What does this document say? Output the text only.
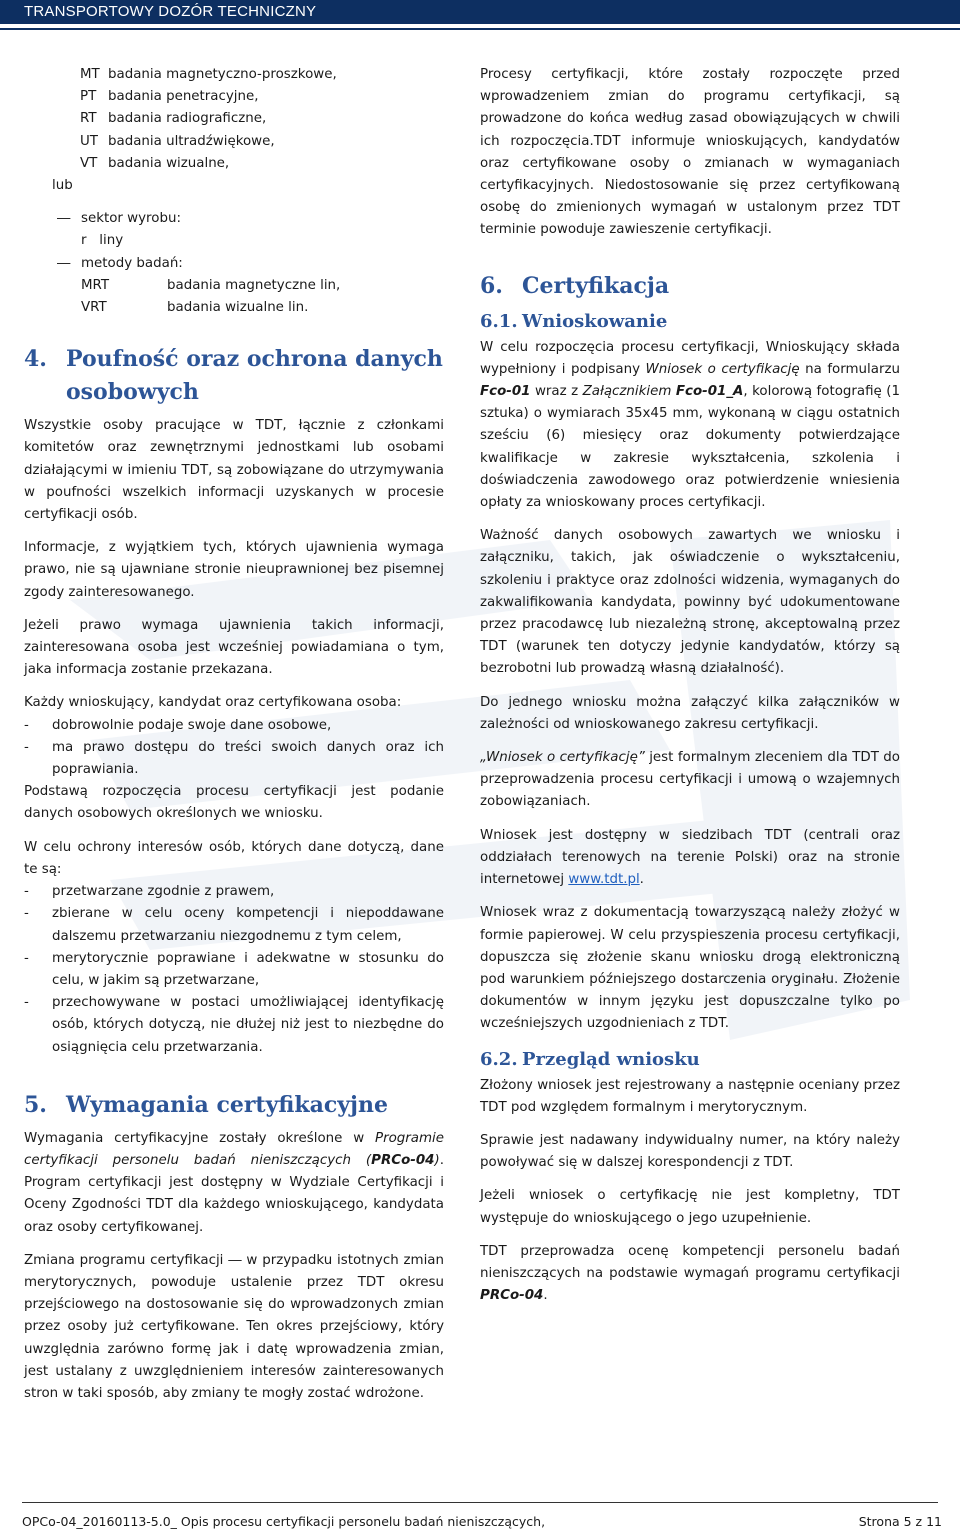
TRANSPORTOWY DOZÓR TECHNICZNY
MT badania magnetyczno-proszkowe,
PT badania penetracyjne,
RT badania radiograficzne,
UT badania ultradźwiękowe,
VT badania wizualne,
lub
― sektor wyrobu:
r   liny
― metody badań:
MRT	badania magnetyczne lin,
VRT	badania wizualne lin.
4. Poufność oraz ochrona danych osobowych

Wszystkie osoby pracujące w TDT, łącznie z członkami komitetów oraz zewnętrznymi jednostkami lub osobami działającymi w imieniu TDT, są zobowiązane do utrzymywania w poufności wszelkich informacji uzyskanych w procesie certyfikacji osób.

Informacje, z wyjątkiem tych, których ujawnienia wymaga prawo, nie są ujawniane stronie nieuprawnionej bez pisemnej zgody zainteresowanego.

Jeżeli prawo wymaga ujawnienia takich informacji, zainteresowana osoba jest wcześniej powiadamiana o tym, jaka informacja zostanie przekazana.

Każdy wnioskujący, kandydat oraz certyfikowana osoba:

-	dobrowolnie podaje swoje dane osobowe,
-	ma prawo dostępu do treści swoich danych oraz ich poprawiania.

Podstawą rozpoczęcia procesu certyfikacji jest podanie danych osobowych określonych we wniosku.

W celu ochrony interesów osób, których dane dotyczą, dane te są:

-	przetwarzane zgodnie z prawem,
-	zbierane w celu oceny kompetencji i niepoddawane dalszemu przetwarzaniu niezgodnemu z tym celem,
-	merytorycznie poprawiane i adekwatne w stosunku do celu, w jakim są przetwarzane,
-	przechowywane w postaci umożliwiającej identyfikację osób, których dotyczą, nie dłużej niż jest to niezbędne do osiągnięcia celu przetwarzania.
5. Wymagania certyfikacyjne

Wymagania certyfikacyjne zostały określone w Programie certyfikacji personelu badań nieniszczących (PRCo-04). Program certyfikacji jest dostępny w Wydziale Certyfikacji i Oceny Zgodności TDT dla każdego wnioskującego, kandydata oraz osoby certyfikowanej.

Zmiana programu certyfikacji ― w przypadku istotnych zmian merytorycznych, powoduje ustalenie przez TDT okresu przejściowego na dostosowanie się do wprowadzonych zmian przez osoby już certyfikowane. Ten okres przejściowy, który uwzględnia zarówno formę jak i datę wprowadzenia zmian, jest ustalany z uwzględnieniem interesów zainteresowanych stron w taki sposób, aby zmiany te mogły zostać wdrożone.

Procesy certyfikacji, które zostały rozpoczęte przed wprowadzeniem zmian do programu certyfikacji, są prowadzone do końca według zasad obowiązujących w chwili ich rozpoczęcia.TDT informuje wnioskujących, kandydatów oraz certyfikowane osoby o zmianach w wymaganiach certyfikacyjnych. Niedostosowanie się przez certyfikowaną osobę do zmienionych wymagań w ustalonym przez TDT terminie powoduje zawieszenie certyfikacji.

6. Certyfikacja
6.1. Wnioskowanie

W celu rozpoczęcia procesu certyfikacji, Wnioskujący składa wypełniony i podpisany Wniosek o certyfikację na formularzu Fco-01 wraz z Załącznikiem Fco-01_A, kolorową fotografię (1 sztuka) o wymiarach 35x45 mm, wykonaną w ciągu ostatnich sześciu (6) miesięcy oraz dokumenty potwierdzające kwalifikacje w zakresie wykształcenia, szkolenia i doświadczenia zawodowego oraz potwierdzenie wniesienia opłaty za wnioskowany proces certyfikacji.

Ważność danych osobowych zawartych we wniosku i załączniku, takich, jak oświadczenie o wykształceniu, szkoleniu i praktyce oraz zdolności widzenia, wymaganych do zakwalifikowania kandydata, powinny być udokumentowane przez pracodawcę lub niezależną stronę, akceptowalną przez TDT (warunek ten dotyczy jedynie kandydatów, którzy są bezrobotni lub prowadzą własną działalność).

Do jednego wniosku można załączyć kilka załączników w zależności od wnioskowanego zakresu certyfikacji.

„Wniosek o certyfikację” jest formalnym zleceniem dla TDT do przeprowadzenia procesu certyfikacji i umową o wzajemnych zobowiązaniach.

Wniosek jest dostępny w siedzibach TDT (centrali oraz oddziałach terenowych na terenie Polski) oraz na stronie internetowej www.tdt.pl.

Wniosek wraz z dokumentacją towarzyszącą należy złożyć w formie papierowej. W celu przyspieszenia procesu certyfikacji, dopuszcza się złożenie skanu wniosku drogą elektroniczną pod warunkiem późniejszego dostarczenia oryginału. Złożenie dokumentów w innym języku jest dopuszczalne tylko po wcześniejszych uzgodnieniach z TDT.

6.2. Przegląd wniosku

Złożony wniosek jest rejestrowany a następnie oceniany przez TDT pod względem formalnym i merytorycznym.

Sprawie jest nadawany indywidualny numer, na który należy powoływać się w dalszej korespondencji z TDT.

Jeżeli wniosek o certyfikację nie jest kompletny, TDT występuje do wnioskującego o jego uzupełnienie.

TDT przeprowadza ocenę kompetencji personelu badań nieniszczących na podstawie wymagań programu certyfikacji PRCo-04.

OPCo-04_20160113-5.0_ Opis procesu certyfikacji personelu badań nieniszczących,	Strona 5 z 11
